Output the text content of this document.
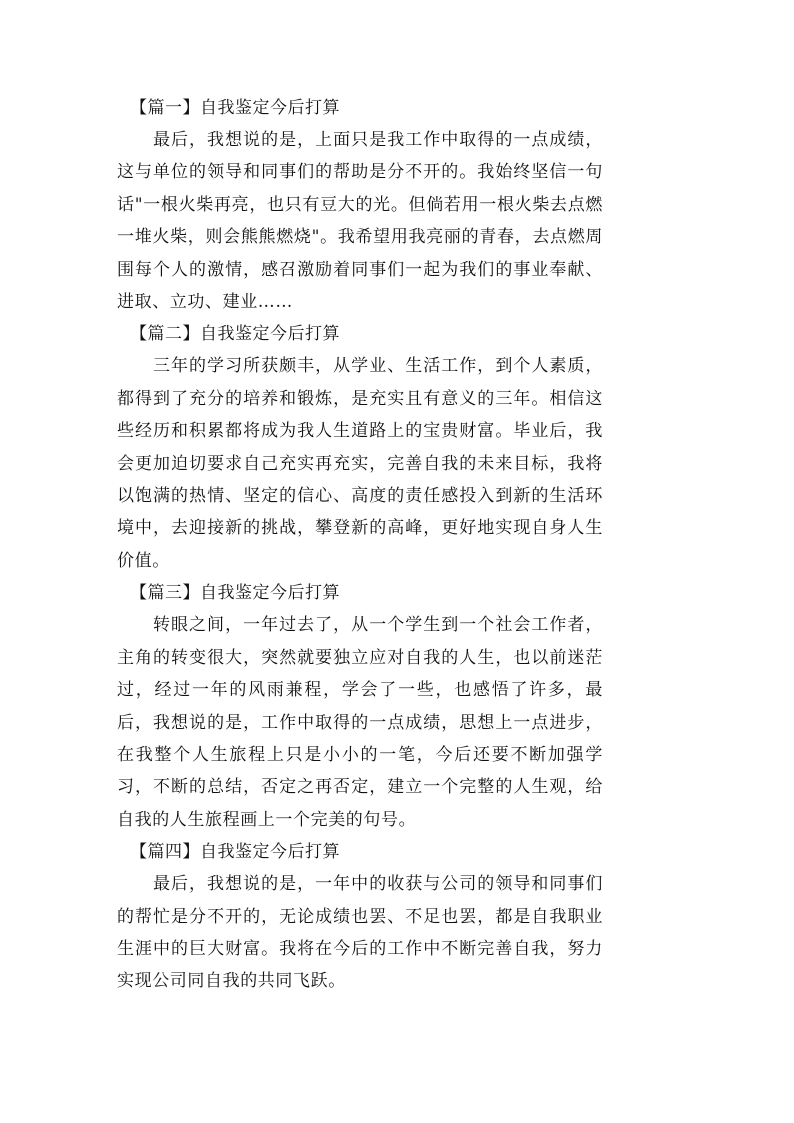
【篇一】自我鉴定今后打算

最后，我想说的是，上面只是我工作中取得的一点成绩，这与单位的领导和同事们的帮助是分不开的。我始终坚信一句话"一根火柴再亮，也只有豆大的光。但倘若用一根火柴去点燃一堆火柴，则会熊熊燃烧"。我希望用我亮丽的青春，去点燃周围每个人的激情，感召激励着同事们一起为我们的事业奉献、进取、立功、建业……

【篇二】自我鉴定今后打算

三年的学习所获颇丰，从学业、生活工作，到个人素质，都得到了充分的培养和锻炼，是充实且有意义的三年。相信这些经历和积累都将成为我人生道路上的宝贵财富。毕业后，我会更加迫切要求自己充实再充实，完善自我的未来目标，我将以饱满的热情、坚定的信心、高度的责任感投入到新的生活环境中，去迎接新的挑战，攀登新的高峰，更好地实现自身人生价值。

【篇三】自我鉴定今后打算

转眼之间，一年过去了，从一个学生到一个社会工作者，主角的转变很大，突然就要独立应对自我的人生，也以前迷茫过，经过一年的风雨兼程，学会了一些，也感悟了许多，最后，我想说的是，工作中取得的一点成绩，思想上一点进步，在我整个人生旅程上只是小小的一笔，今后还要不断加强学习，不断的总结，否定之再否定，建立一个完整的人生观，给自我的人生旅程画上一个完美的句号。

【篇四】自我鉴定今后打算

最后，我想说的是，一年中的收获与公司的领导和同事们的帮忙是分不开的，无论成绩也罢、不足也罢，都是自我职业生涯中的巨大财富。我将在今后的工作中不断完善自我，努力实现公司同自我的共同飞跃。
